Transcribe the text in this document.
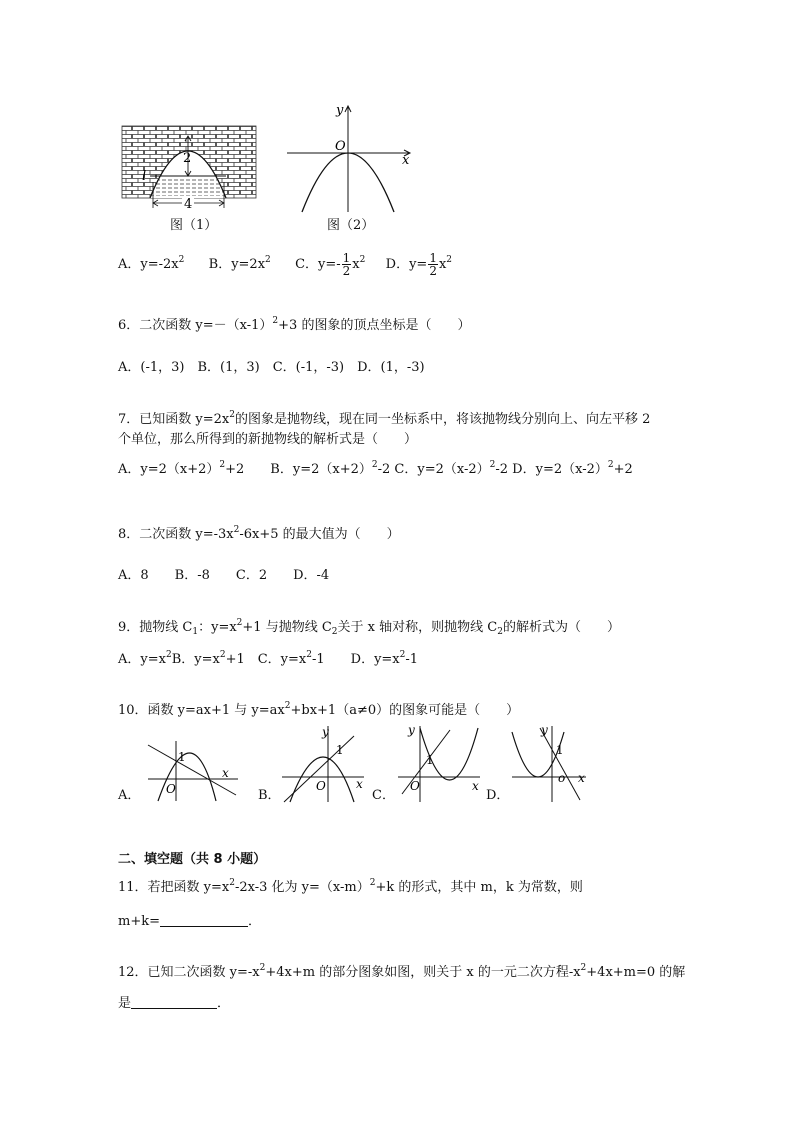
2
4
l
图（1）
x
y
O
图（2）
A．$y=-2x^2$ B．$y=2x^2$ C．$y=- \frac{1}{2} x^2$ D．$y= \frac{1}{2} x^2$
6．二次函数 $y=-(x-1)^2+3$ 的图象的顶点坐标是（　　）
A．(-1，3)　B．(1，3)　C．(-1，-3)　D．(1，-3)
7．已知函数 $y=2x^2$的图象是抛物线，现在同一坐标系中，将该抛物线分别向上、向左平移 2
个单位，那么所得到的新抛物线的解析式是（　　）
A．$y=2(x+2)^2+2$　　B．$y=2(x+2)^2-2$ C．$y=2(x-2)^2-2$ D．$y=2(x-2)^2+2$
8．二次函数 $y=-3x^2-6x+5$ 的最大值为（　　）
A．8　　B．-8　　C．2　　D．-4
9．抛物线 $C_1$：$y=x^2+1$ 与抛物线 $C_2$关于 x 轴对称，则抛物线 $C_2$的解析式为（　　）
A．$y=x^2B$．$y=x^2+1$　C．$y=x^2-1$　　D．$y=x^2-1$
10．函数 y=ax+1 与 $y=ax^2+bx+1(a\ne 0)$的图象可能是（　　）
A．
x
O
1
B．
x
y
O
1
C．
x
y
O
1
D．
x
y
o
1
二、填空题（共 8 小题）
11．若把函数 $y=x^2-2x-3$ 化为 $y=(x-m)^2+k$ 的形式，其中 m，k 为常数，则
m+k=	．
12．已知二次函数 $y=-x^2+4x+m$ 的部分图象如图，则关于 x 的一元二次方程$-x^2+4x+m=0$ 的解
是	．
